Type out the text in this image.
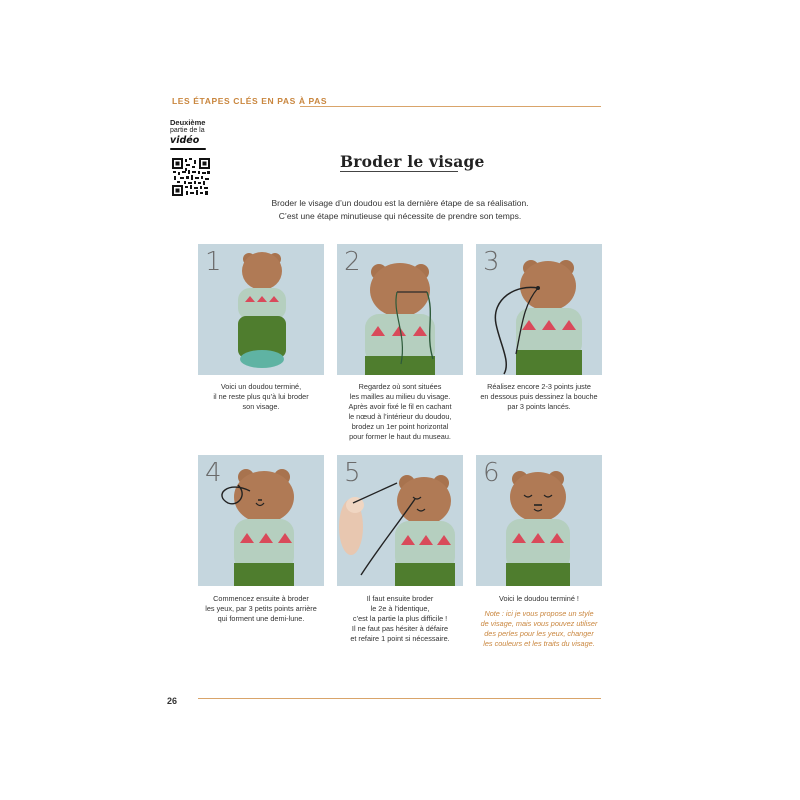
LES ÉTAPES CLÉS EN PAS À PAS
Deuxième
partie de la
vidéo
Broder le visage
Broder le visage d’un doudou est la dernière étape de sa réalisation.
C’est une étape minutieuse qui nécessite de prendre son temps.
1
Voici un doudou terminé,
il ne reste plus qu’à lui broder
son visage.
2
Regardez où sont situées
les mailles au milieu du visage.
Après avoir fixé le fil en cachant
le nœud à l’intérieur du doudou,
brodez un 1er point horizontal
pour former le haut du museau.
3
Réalisez encore 2-3 points juste
en dessous puis dessinez la bouche
par 3 points lancés.
4
Commencez ensuite à broder
les yeux, par 3 petits points arrière
qui forment une demi-lune.
5
Il faut ensuite broder
le 2e à l’identique,
c’est la partie la plus difficile !
Il ne faut pas hésiter à défaire
et refaire 1 point si nécessaire.
6
Voici le doudou terminé !
Note : ici je vous propose un style
de visage, mais vous pouvez utiliser
des perles pour les yeux, changer
les couleurs et les traits du visage.
26
